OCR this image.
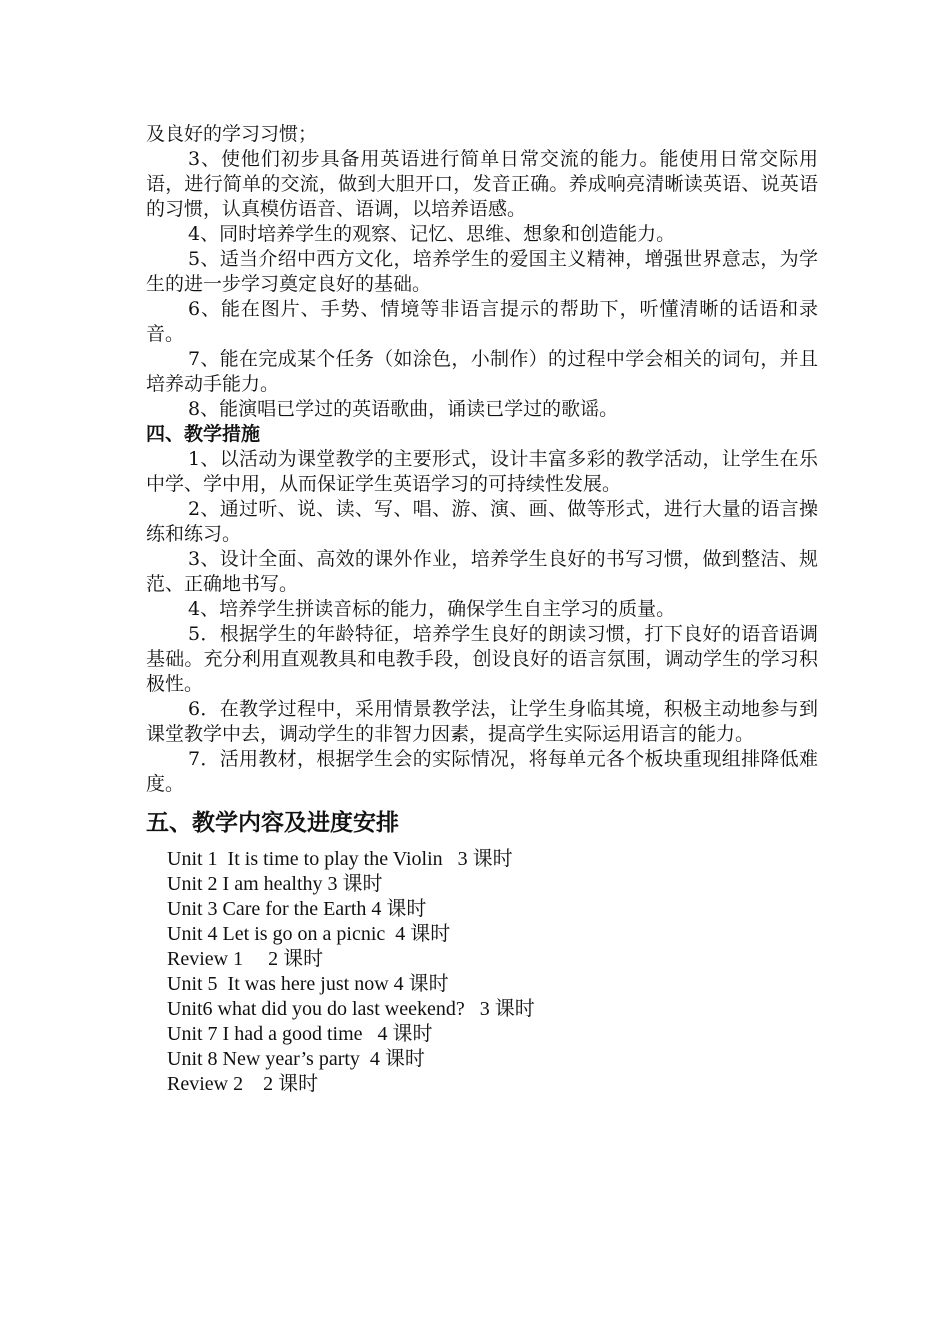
及良好的学习习惯；

3、使他们初步具备用英语进行简单日常交流的能力。能使用日常交际用语，进行简单的交流，做到大胆开口，发音正确。养成响亮清晰读英语、说英语的习惯，认真模仿语音、语调，以培养语感。

4、同时培养学生的观察、记忆、思维、想象和创造能力。

5、适当介绍中西方文化，培养学生的爱国主义精神，增强世界意志，为学生的进一步学习奠定良好的基础。

6、能在图片、手势、情境等非语言提示的帮助下，听懂清晰的话语和录音。

7、能在完成某个任务（如涂色，小制作）的过程中学会相关的词句，并且培养动手能力。

8、能演唱已学过的英语歌曲，诵读已学过的歌谣。

四、教学措施

1、以活动为课堂教学的主要形式，设计丰富多彩的教学活动，让学生在乐中学、学中用，从而保证学生英语学习的可持续性发展。

2、通过听、说、读、写、唱、游、演、画、做等形式，进行大量的语言操练和练习。

3、设计全面、高效的课外作业，培养学生良好的书写习惯，做到整洁、规范、正确地书写。

4、培养学生拼读音标的能力，确保学生自主学习的质量。

5．根据学生的年龄特征，培养学生良好的朗读习惯，打下良好的语音语调基础。充分利用直观教具和电教手段，创设良好的语言氛围，调动学生的学习积极性。

6．在教学过程中，采用情景教学法，让学生身临其境，积极主动地参与到课堂教学中去，调动学生的非智力因素，提高学生实际运用语言的能力。

7．活用教材，根据学生会的实际情况，将每单元各个板块重现组排降低难度。

五、教学内容及进度安排
Unit 1  It is time to play the Violin   3 课时
Unit 2 I am healthy 3 课时
Unit 3 Care for the Earth 4 课时
Unit 4 Let is go on a picnic  4 课时
Review 1     2 课时
Unit 5  It was here just now 4 课时
Unit6 what did you do last weekend?   3 课时
Unit 7 I had a good time   4 课时
Unit 8 New year’s party  4 课时
Review 2    2 课时
